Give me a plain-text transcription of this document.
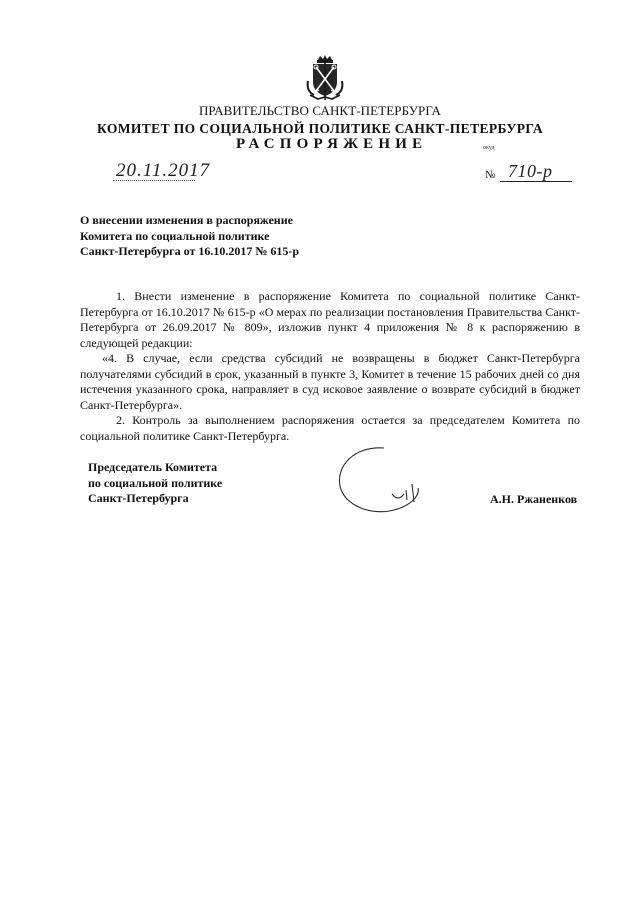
ПРАВИТЕЛЬСТВО САНКТ-ПЕТЕРБУРГА
КОМИТЕТ ПО СОЦИАЛЬНОЙ ПОЛИТИКЕ САНКТ-ПЕТЕРБУРГА
РАСПОРЯЖЕНИЕ	окуд
20.11.2017	№ 710-р
О внесении изменения в распоряжение
Комитета по социальной политике
Санкт-Петербурга от 16.10.2017 № 615-р

1. Внести изменение в распоряжение Комитета по социальной политике Санкт-Петербурга от 16.10.2017 № 615-р «О мерах по реализации постановления Правительства Санкт-Петербурга от 26.09.2017 № 809», изложив пункт 4 приложения № 8 к распоряжению в следующей редакции:

«4. В случае, если средства субсидий не возвращены в бюджет Санкт-Петербурга получателями субсидий в срок, указанный в пункте 3, Комитет в течение 15 рабочих дней со дня истечения указанного срока, направляет в суд исковое заявление о возврате субсидий в бюджет Санкт-Петербурга».

2. Контроль за выполнением распоряжения остается за председателем Комитета по социальной политике Санкт-Петербурга.

Председатель Комитета
по социальной политике
Санкт-Петербурга	А.Н. Ржаненков
